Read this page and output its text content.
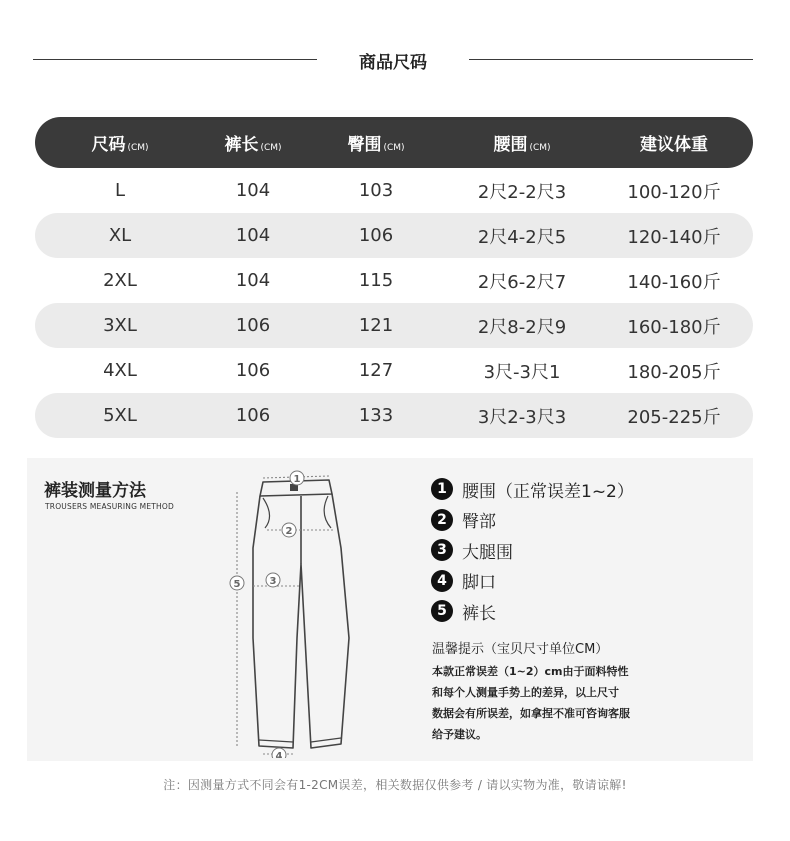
商品尺码
尺码 (CM)	裤长 (CM)	臀围 (CM)	腰围 (CM)	建议体重
L	104	103	2尺2-2尺3	100-120斤
XL	104	106	2尺4-2尺5	120-140斤
2XL	104	115	2尺6-2尺7	140-160斤
3XL	106	121	2尺8-2尺9	160-180斤
4XL	106	127	3尺-3尺1	180-205斤
5XL	106	133	3尺2-3尺3	205-225斤
裤装测量方法
TROUSERS MEASURING METHOD
1
2
3
4
5
1 腰围（正常误差1~2）
2 臀部
3 大腿围
4 脚口
5 裤长
温馨提示（宝贝尺寸单位CM）
本款正常误差（1~2）cm由于面料特性
和每个人测量手势上的差异，以上尺寸
数据会有所误差，如拿捏不准可咨询客服
给予建议。
注：因测量方式不同会有1-2CM误差，相关数据仅供参考 / 请以实物为准，敬请谅解!
